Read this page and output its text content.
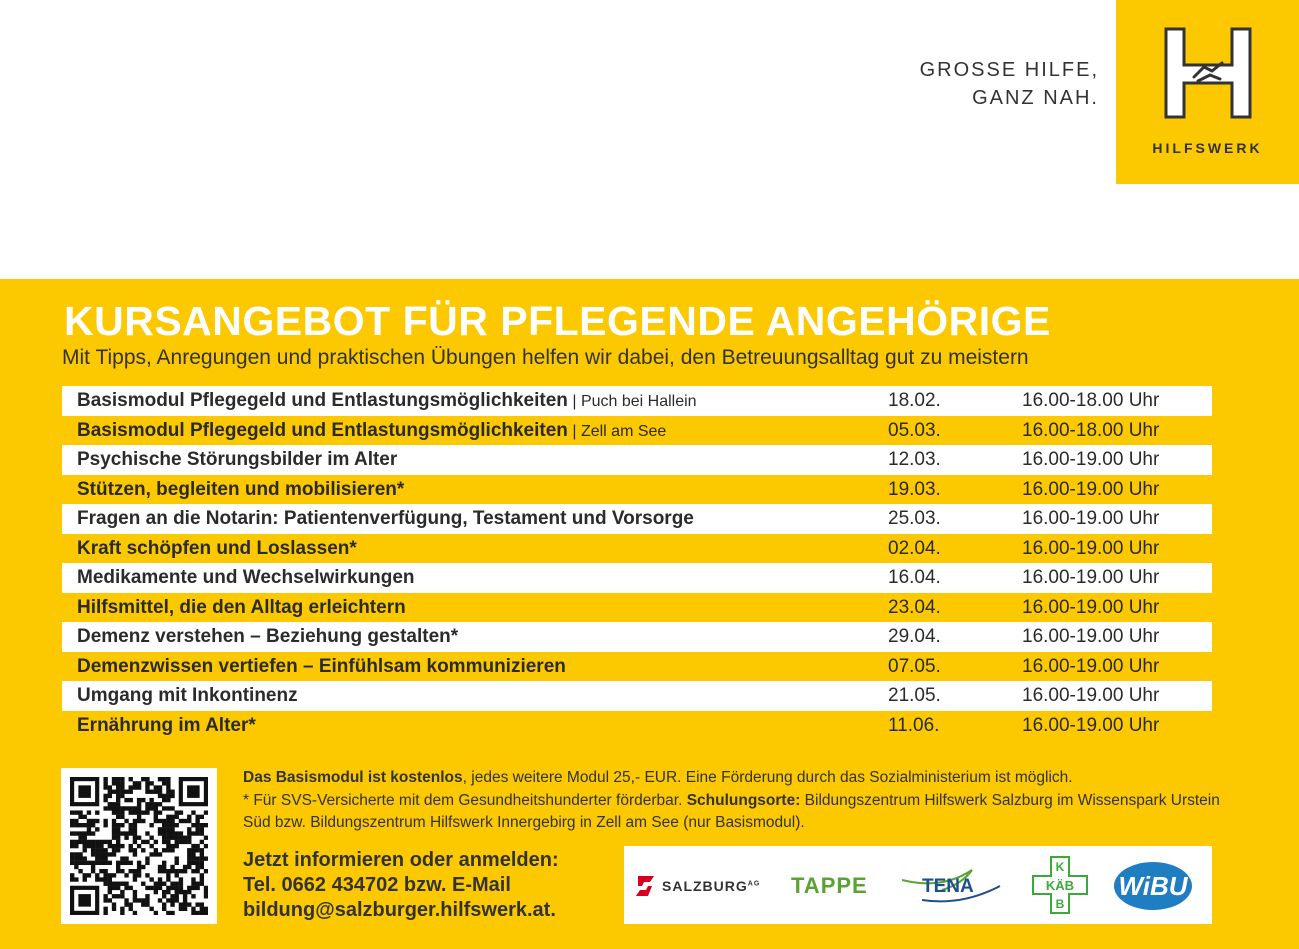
GROSSE HILFE,
GANZ NAH.
HILFSWERK
KURSANGEBOT FÜR PFLEGENDE ANGEHÖRIGE
Mit Tipps, Anregungen und praktischen Übungen helfen wir dabei, den Betreuungsalltag gut zu meistern
Basismodul Pflegegeld und Entlastungsmöglichkeiten | Puch bei Hallein	18.02.	16.00-18.00 Uhr
Basismodul Pflegegeld und Entlastungsmöglichkeiten | Zell am See	05.03.	16.00-18.00 Uhr
Psychische Störungsbilder im Alter	12.03.	16.00-19.00 Uhr
Stützen, begleiten und mobilisieren*	19.03.	16.00-19.00 Uhr
Fragen an die Notarin: Patientenverfügung, Testament und Vorsorge	25.03.	16.00-19.00 Uhr
Kraft schöpfen und Loslassen*	02.04.	16.00-19.00 Uhr
Medikamente und Wechselwirkungen	16.04.	16.00-19.00 Uhr
Hilfsmittel, die den Alltag erleichtern	23.04.	16.00-19.00 Uhr
Demenz verstehen – Beziehung gestalten*	29.04.	16.00-19.00 Uhr
Demenzwissen vertiefen – Einfühlsam kommunizieren	07.05.	16.00-19.00 Uhr
Umgang mit Inkontinenz	21.05.	16.00-19.00 Uhr
Ernährung im Alter*	11.06.	16.00-19.00 Uhr
Das Basismodul ist kostenlos, jedes weitere Modul 25,- EUR. Eine Förderung durch das Sozialministerium ist möglich.
* Für SVS-Versicherte mit dem Gesundheitshunderter förderbar. Schulungsorte: Bildungszentrum Hilfswerk Salzburg im Wissenspark Urstein Süd bzw. Bildungszentrum Hilfswerk Innergebirg in Zell am See (nur Basismodul).
Jetzt informieren oder anmelden:
Tel. 0662 434702 bzw. E-Mail
bildung@salzburger.hilfswerk.at.
$SALZBURG^{AG}$ TAPPE	TENA
K
KÄB
B
WiBU
